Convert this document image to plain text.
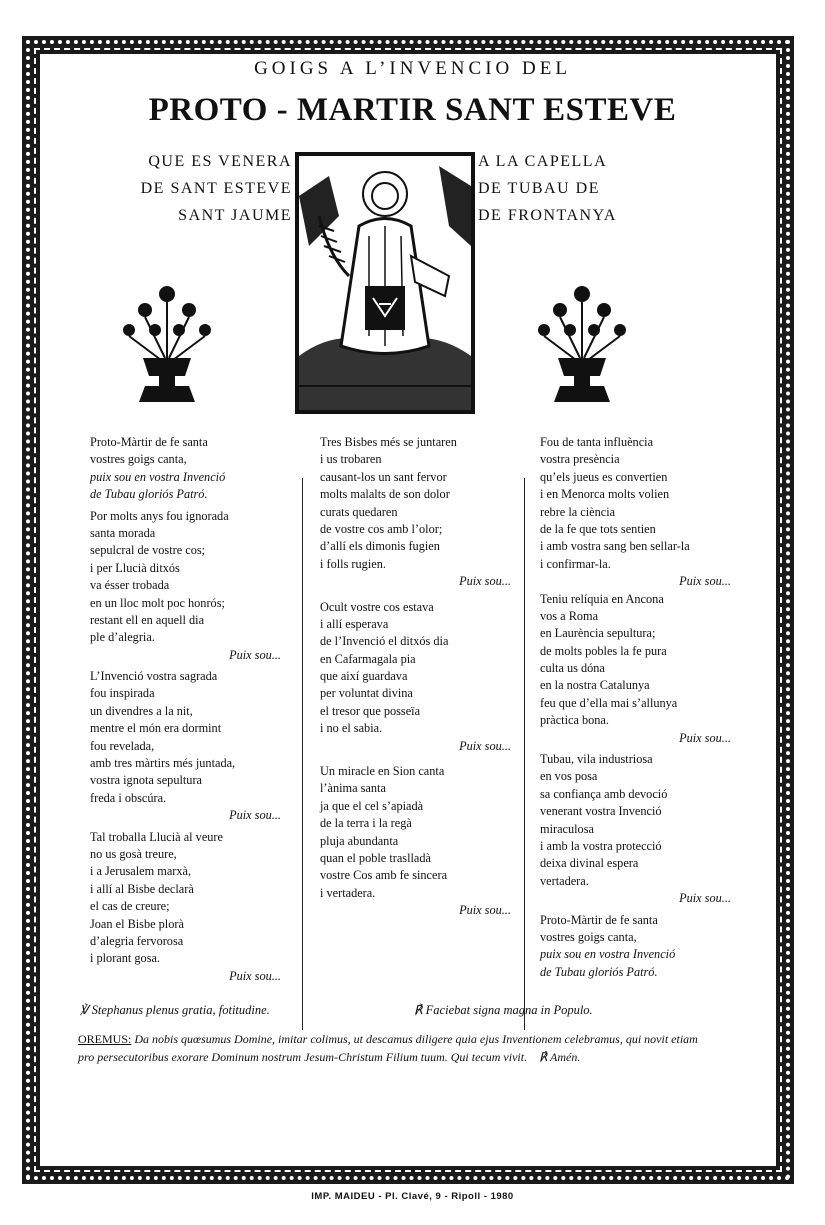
GOIGS A L’INVENCIO DEL
PROTO - MARTIR SANT ESTEVE
QUE ES VENERA
DE SANT ESTEVE
SANT JAUME
A LA CAPELLA
DE TUBAU DE
DE FRONTANYA
Proto-Màrtir de fe santa
vostres goigs canta,
puix sou en vostra Invenció
de Tubau gloriós Patró.
Por molts anys fou ignorada
santa morada
sepulcral de vostre cos;
i per Llucià ditxós
va ésser trobada
en un lloc molt poc honrós;
restant ell en aquell dia
ple d’alegria.
Puix sou...
L’Invenció vostra sagrada
fou inspirada
un divendres a la nit,
mentre el món era dormint
fou revelada,
amb tres màrtirs més juntada,
vostra ignota sepultura
freda i obscúra.
Puix sou...
Tal troballa Llucià al veure
no us gosà treure,
i a Jerusalem marxà,
i allí al Bisbe declarà
el cas de creure;
Joan el Bisbe plorà
d’alegria fervorosa
i plorant gosa.
Puix sou...
Tres Bisbes més se juntaren
i us trobaren
causant-los un sant fervor
molts malalts de son dolor
curats quedaren
de vostre cos amb l’olor;
d’allí els dimonis fugien
i folls rugien.
Puix sou...
Ocult vostre cos estava
i allí esperava
de l’Invenció el ditxós dia
en Cafarmagala pia
que així guardava
per voluntat divina
el tresor que posseïa
i no el sabia.
Puix sou...
Un miracle en Sion canta
l’ànima santa
ja que el cel s’apiadà
de la terra i la regà
pluja abundanta
quan el poble traslladà
vostre Cos amb fe sincera
i vertadera.
Puix sou...
Fou de tanta influència
vostra presència
qu’els jueus es convertien
i en Menorca molts volien
rebre la ciència
de la fe que tots sentien
i amb vostra sang ben sellar-la
i confirmar-la.
Puix sou...
Teniu relíquia en Ancona
vos a Roma
en Laurència sepultura;
de molts pobles la fe pura
culta us dóna
en la nostra Catalunya
feu que d’ella mai s’allunya
pràctica bona.
Puix sou...
Tubau, vila industriosa
en vos posa
sa confiança amb devoció
venerant vostra Invenció
miraculosa
i amb la vostra protecció
deixa divinal espera
vertadera.
Puix sou...
Proto-Màrtir de fe santa
vostres goigs canta,
puix sou en vostra Invenció
de Tubau gloriós Patró.
℣ Stephanus plenus gratia, fotitudine.	℟ Faciebat signa magna in Populo.
OREMUS: Da nobis quœsumus Domine, imitar colimus, ut descamus diligere quia ejus Inventionem celebramus, qui novit etiam pro persecutoribus exorare Dominum nostrum Jesum-Christum Filium tuum. Qui tecum vivit. ℟ Amén.
IMP. MAIDEU - Pl. Clavé, 9 - Ripoll - 1980
